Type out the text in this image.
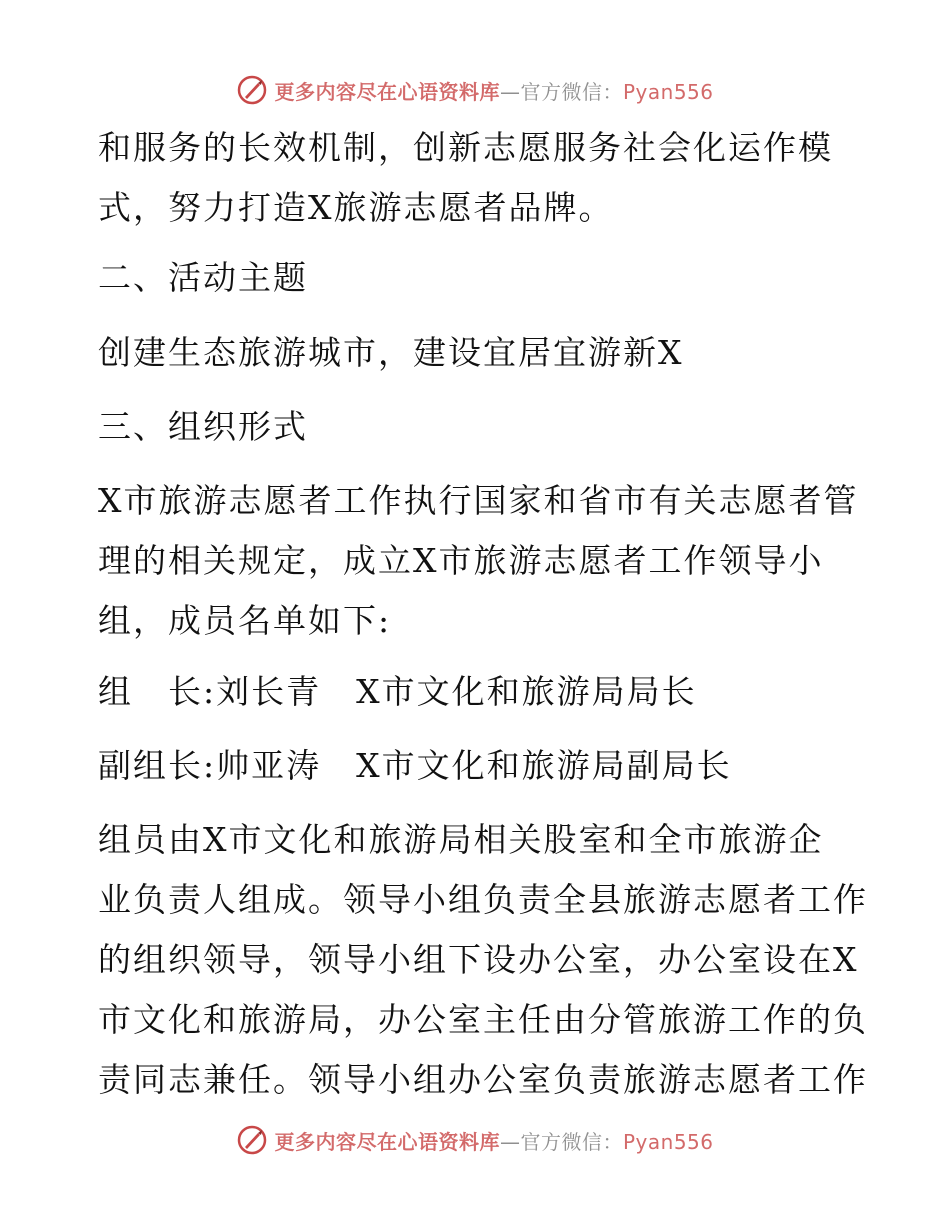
更多内容尽在心语资料库—官方微信：Pyan556
和服务的长效机制，创新志愿服务社会化运作模
式，努力打造X旅游志愿者品牌。
二、活动主题
创建生态旅游城市，建设宜居宜游新X
三、组织形式
X市旅游志愿者工作执行国家和省市有关志愿者管
理的相关规定，成立X市旅游志愿者工作领导小
组，成员名单如下:
组　长:刘长青　X市文化和旅游局局长
副组长:帅亚涛　X市文化和旅游局副局长
组员由X市文化和旅游局相关股室和全市旅游企
业负责人组成。领导小组负责全县旅游志愿者工作
的组织领导，领导小组下设办公室，办公室设在X
市文化和旅游局，办公室主任由分管旅游工作的负
责同志兼任。领导小组办公室负责旅游志愿者工作
更多内容尽在心语资料库—官方微信：Pyan556
